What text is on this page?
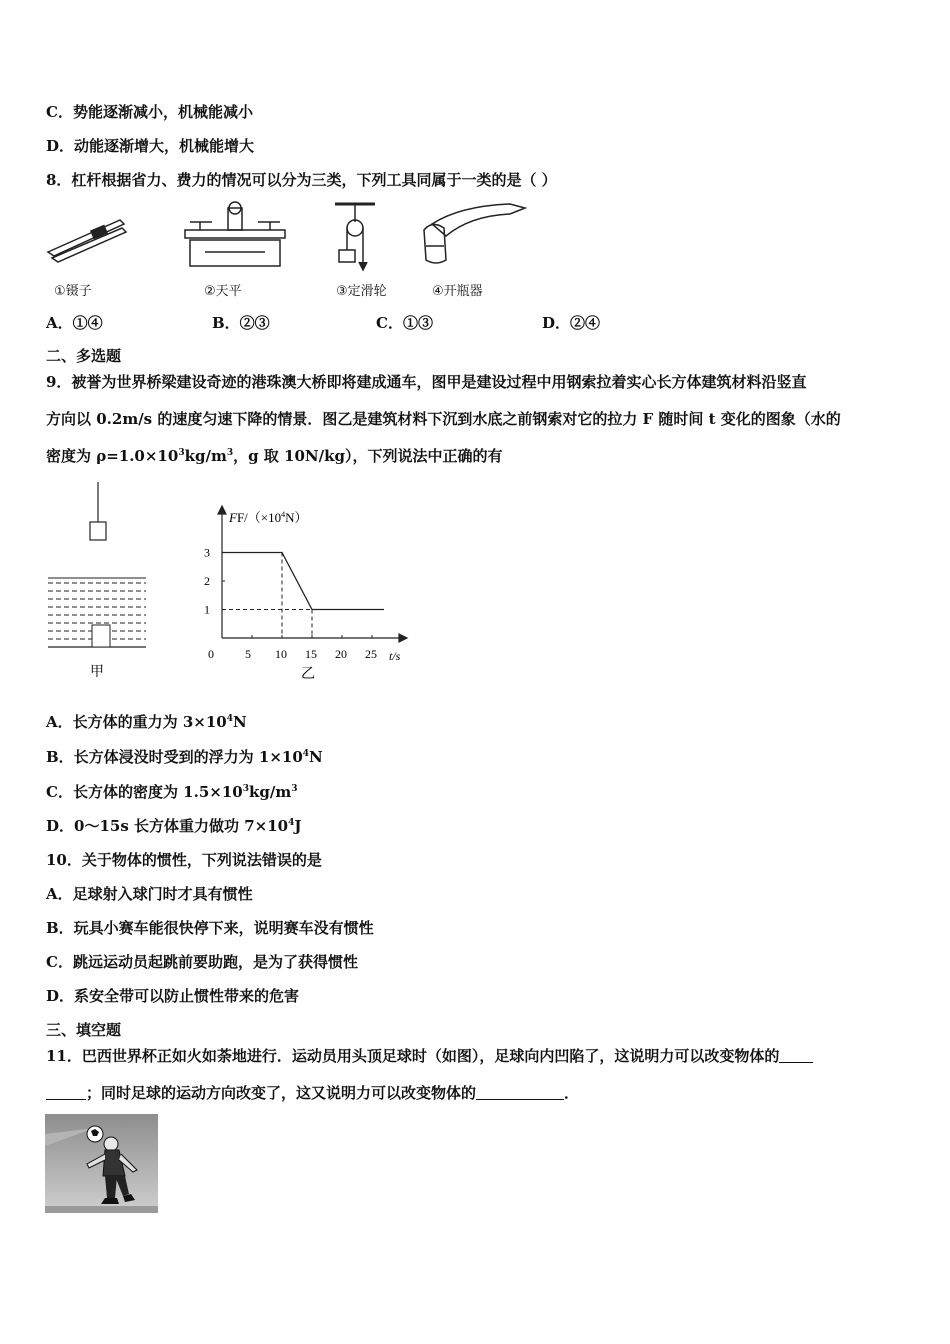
C．势能逐渐减小，机械能减小
D．动能逐渐增大，机械能增大
8．杠杆根据省力、费力的情况可以分为三类，下列工具同属于一类的是（ ）
①镊子	②天平	③定滑轮	④开瓶器
A．①④	B．②③	C．①③	D．②④
二、多选题
9．被誉为世界桥梁建设奇迹的港珠澳大桥即将建成通车，图甲是建设过程中用钢索拉着实心长方体建筑材料沿竖直
方向以 0.2m/s 的速度匀速下降的情景．图乙是建筑材料下沉到水底之前钢索对它的拉力 F 随时间 t 变化的图象（水的
密度为 $\rho=1.0\times 10^3kg/m^3$，g 取 10N/kg），下列说法中正确的有
甲
$FF/(\times 10^4N)$
t/s
乙
0	5 10 15 20 25
1
2
3
A．长方体的重力为 $3\times 10^4N$
B．长方体浸没时受到的浮力为 $1\times 10^4N$
C．长方体的密度为 $1.5\times 10^3kg/m^3$
D．0～15s 长方体重力做功 $7\times 10^4J$
10．关于物体的惯性，下列说法错误的是
A．足球射入球门时才具有惯性
B．玩具小赛车能很快停下来，说明赛车没有惯性
C．跳远运动员起跳前要助跑，是为了获得惯性
D．系安全带可以防止惯性带来的危害
三、填空题
11．巴西世界杯正如火如荼地进行．运动员用头顶足球时（如图），足球向内凹陷了，这说明力可以改变物体的
；同时足球的运动方向改变了，这又说明力可以改变物体的	．
